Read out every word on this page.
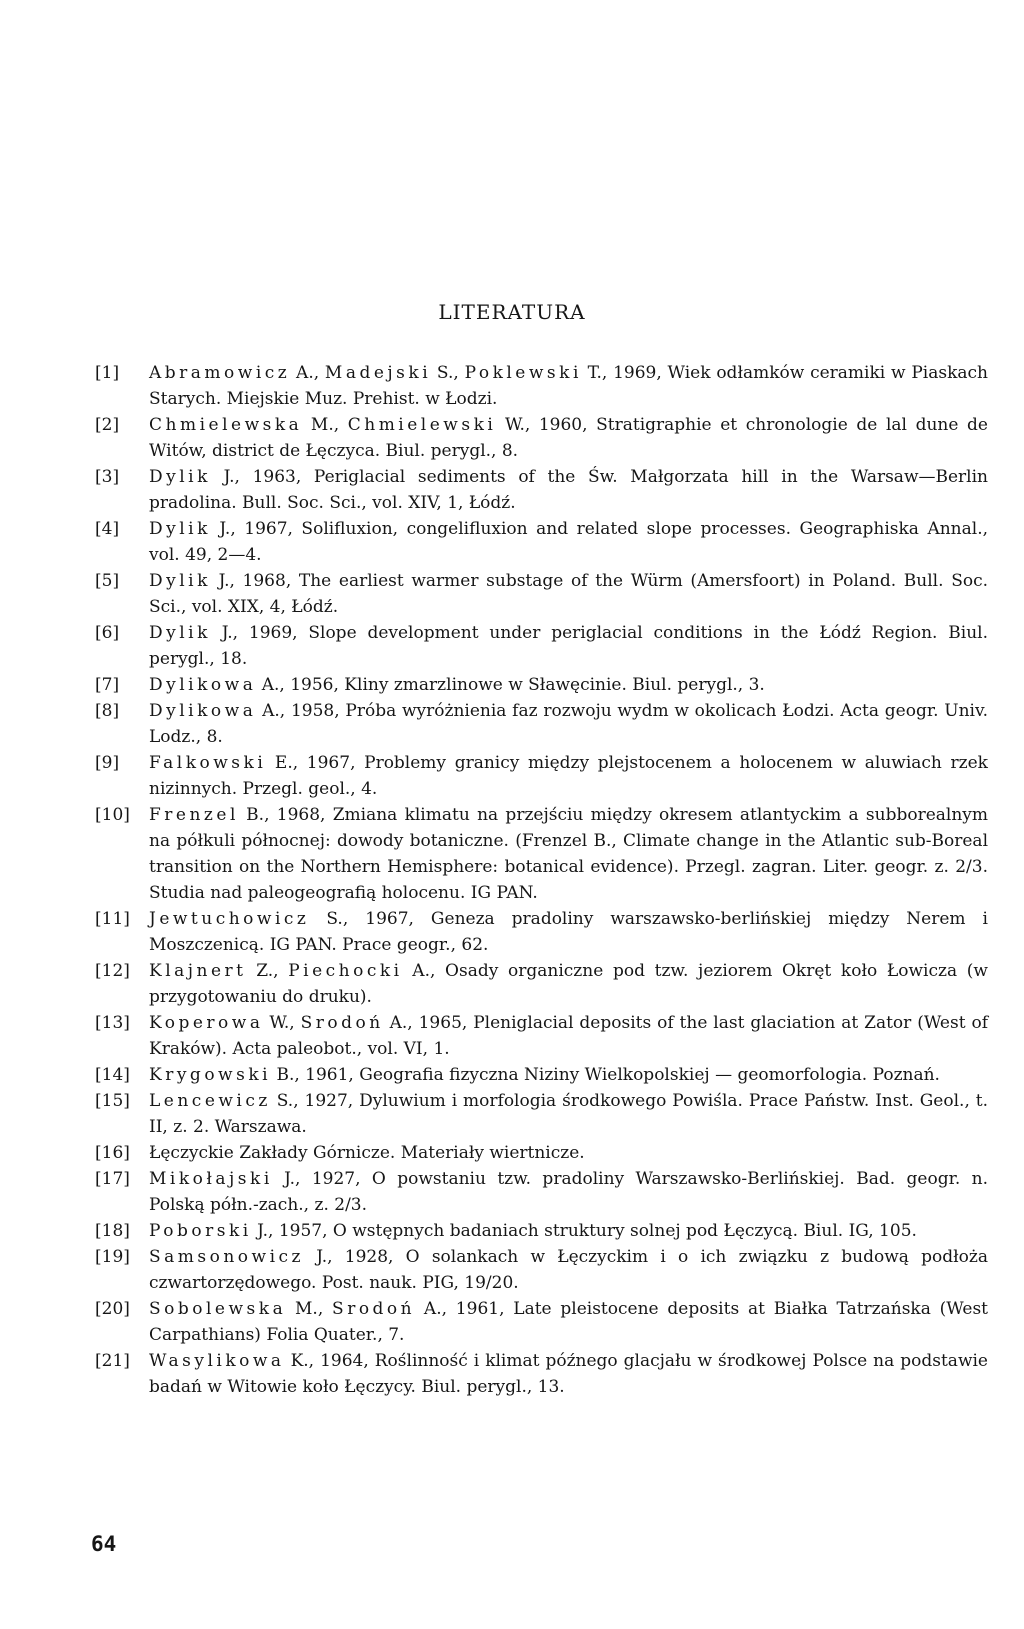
LITERATURA
[1] Abramowicz A., Madejski S., Poklewski T., 1969, Wiek odłamków ceramiki w Piaskach Starych. Miejskie Muz. Prehist. w Łodzi.
[2] Chmielewska M., Chmielewski W., 1960, Stratigraphie et chronologie de lal dune de Witów, district de Łęczyca. Biul. perygl., 8.
[3] Dylik J., 1963, Periglacial sediments of the Św. Małgorzata hill in the Warsaw—Berlin pradolina. Bull. Soc. Sci., vol. XIV, 1, Łódź.
[4] Dylik J., 1967, Solifluxion, congelifluxion and related slope processes. Geographiska Annal., vol. 49, 2—4.
[5] Dylik J., 1968, The earliest warmer substage of the Würm (Amersfoort) in Poland. Bull. Soc. Sci., vol. XIX, 4, Łódź.
[6] Dylik J., 1969, Slope development under periglacial conditions in the Łódź Region. Biul. perygl., 18.
[7] Dylikowa A., 1956, Kliny zmarzlinowe w Sławęcinie. Biul. perygl., 3.
[8] Dylikowa A., 1958, Próba wyróżnienia faz rozwoju wydm w okolicach Łodzi. Acta geogr. Univ. Lodz., 8.
[9] Falkowski E., 1967, Problemy granicy między plejstocenem a holocenem w aluwiach rzek nizinnych. Przegl. geol., 4.
[10] Frenzel B., 1968, Zmiana klimatu na przejściu między okresem atlantyckim a subborealnym na półkuli północnej: dowody botaniczne. (Frenzel B., Climate change in the Atlantic sub-Boreal transition on the Northern Hemisphere: botanical evidence). Przegl. zagran. Liter. geogr. z. 2/3. Studia nad paleogeografią holocenu. IG PAN.
[11] Jewtuchowicz S., 1967, Geneza pradoliny warszawsko-berlińskiej między Nerem i Moszczenicą. IG PAN. Prace geogr., 62.
[12] Klajnert Z., Piechocki A., Osady organiczne pod tzw. jeziorem Okręt koło Łowicza (w przygotowaniu do druku).
[13] Koperowa W., Srodoń A., 1965, Pleniglacial deposits of the last glaciation at Zator (West of Kraków). Acta paleobot., vol. VI, 1.
[14] Krygowski B., 1961, Geografia fizyczna Niziny Wielkopolskiej — geomorfologia. Poznań.
[15] Lencewicz S., 1927, Dyluwium i morfologia środkowego Powiśla. Prace Państw. Inst. Geol., t. II, z. 2. Warszawa.
[16] Łęczyckie Zakłady Górnicze. Materiały wiertnicze.
[17] Mikołajski J., 1927, O powstaniu tzw. pradoliny Warszawsko-Berlińskiej. Bad. geogr. n. Polską półn.-zach., z. 2/3.
[18] Poborski J., 1957, O wstępnych badaniach struktury solnej pod Łęczycą. Biul. IG, 105.
[19] Samsonowicz J., 1928, O solankach w Łęczyckim i o ich związku z budową podłoża czwartorzędowego. Post. nauk. PIG, 19/20.
[20] Sobolewska M., Srodoń A., 1961, Late pleistocene deposits at Białka Tatrzańska (West Carpathians) Folia Quater., 7.
[21] Wasylikowa K., 1964, Roślinność i klimat późnego glacjału w środkowej Polsce na podstawie badań w Witowie koło Łęczycy. Biul. perygl., 13.
64
